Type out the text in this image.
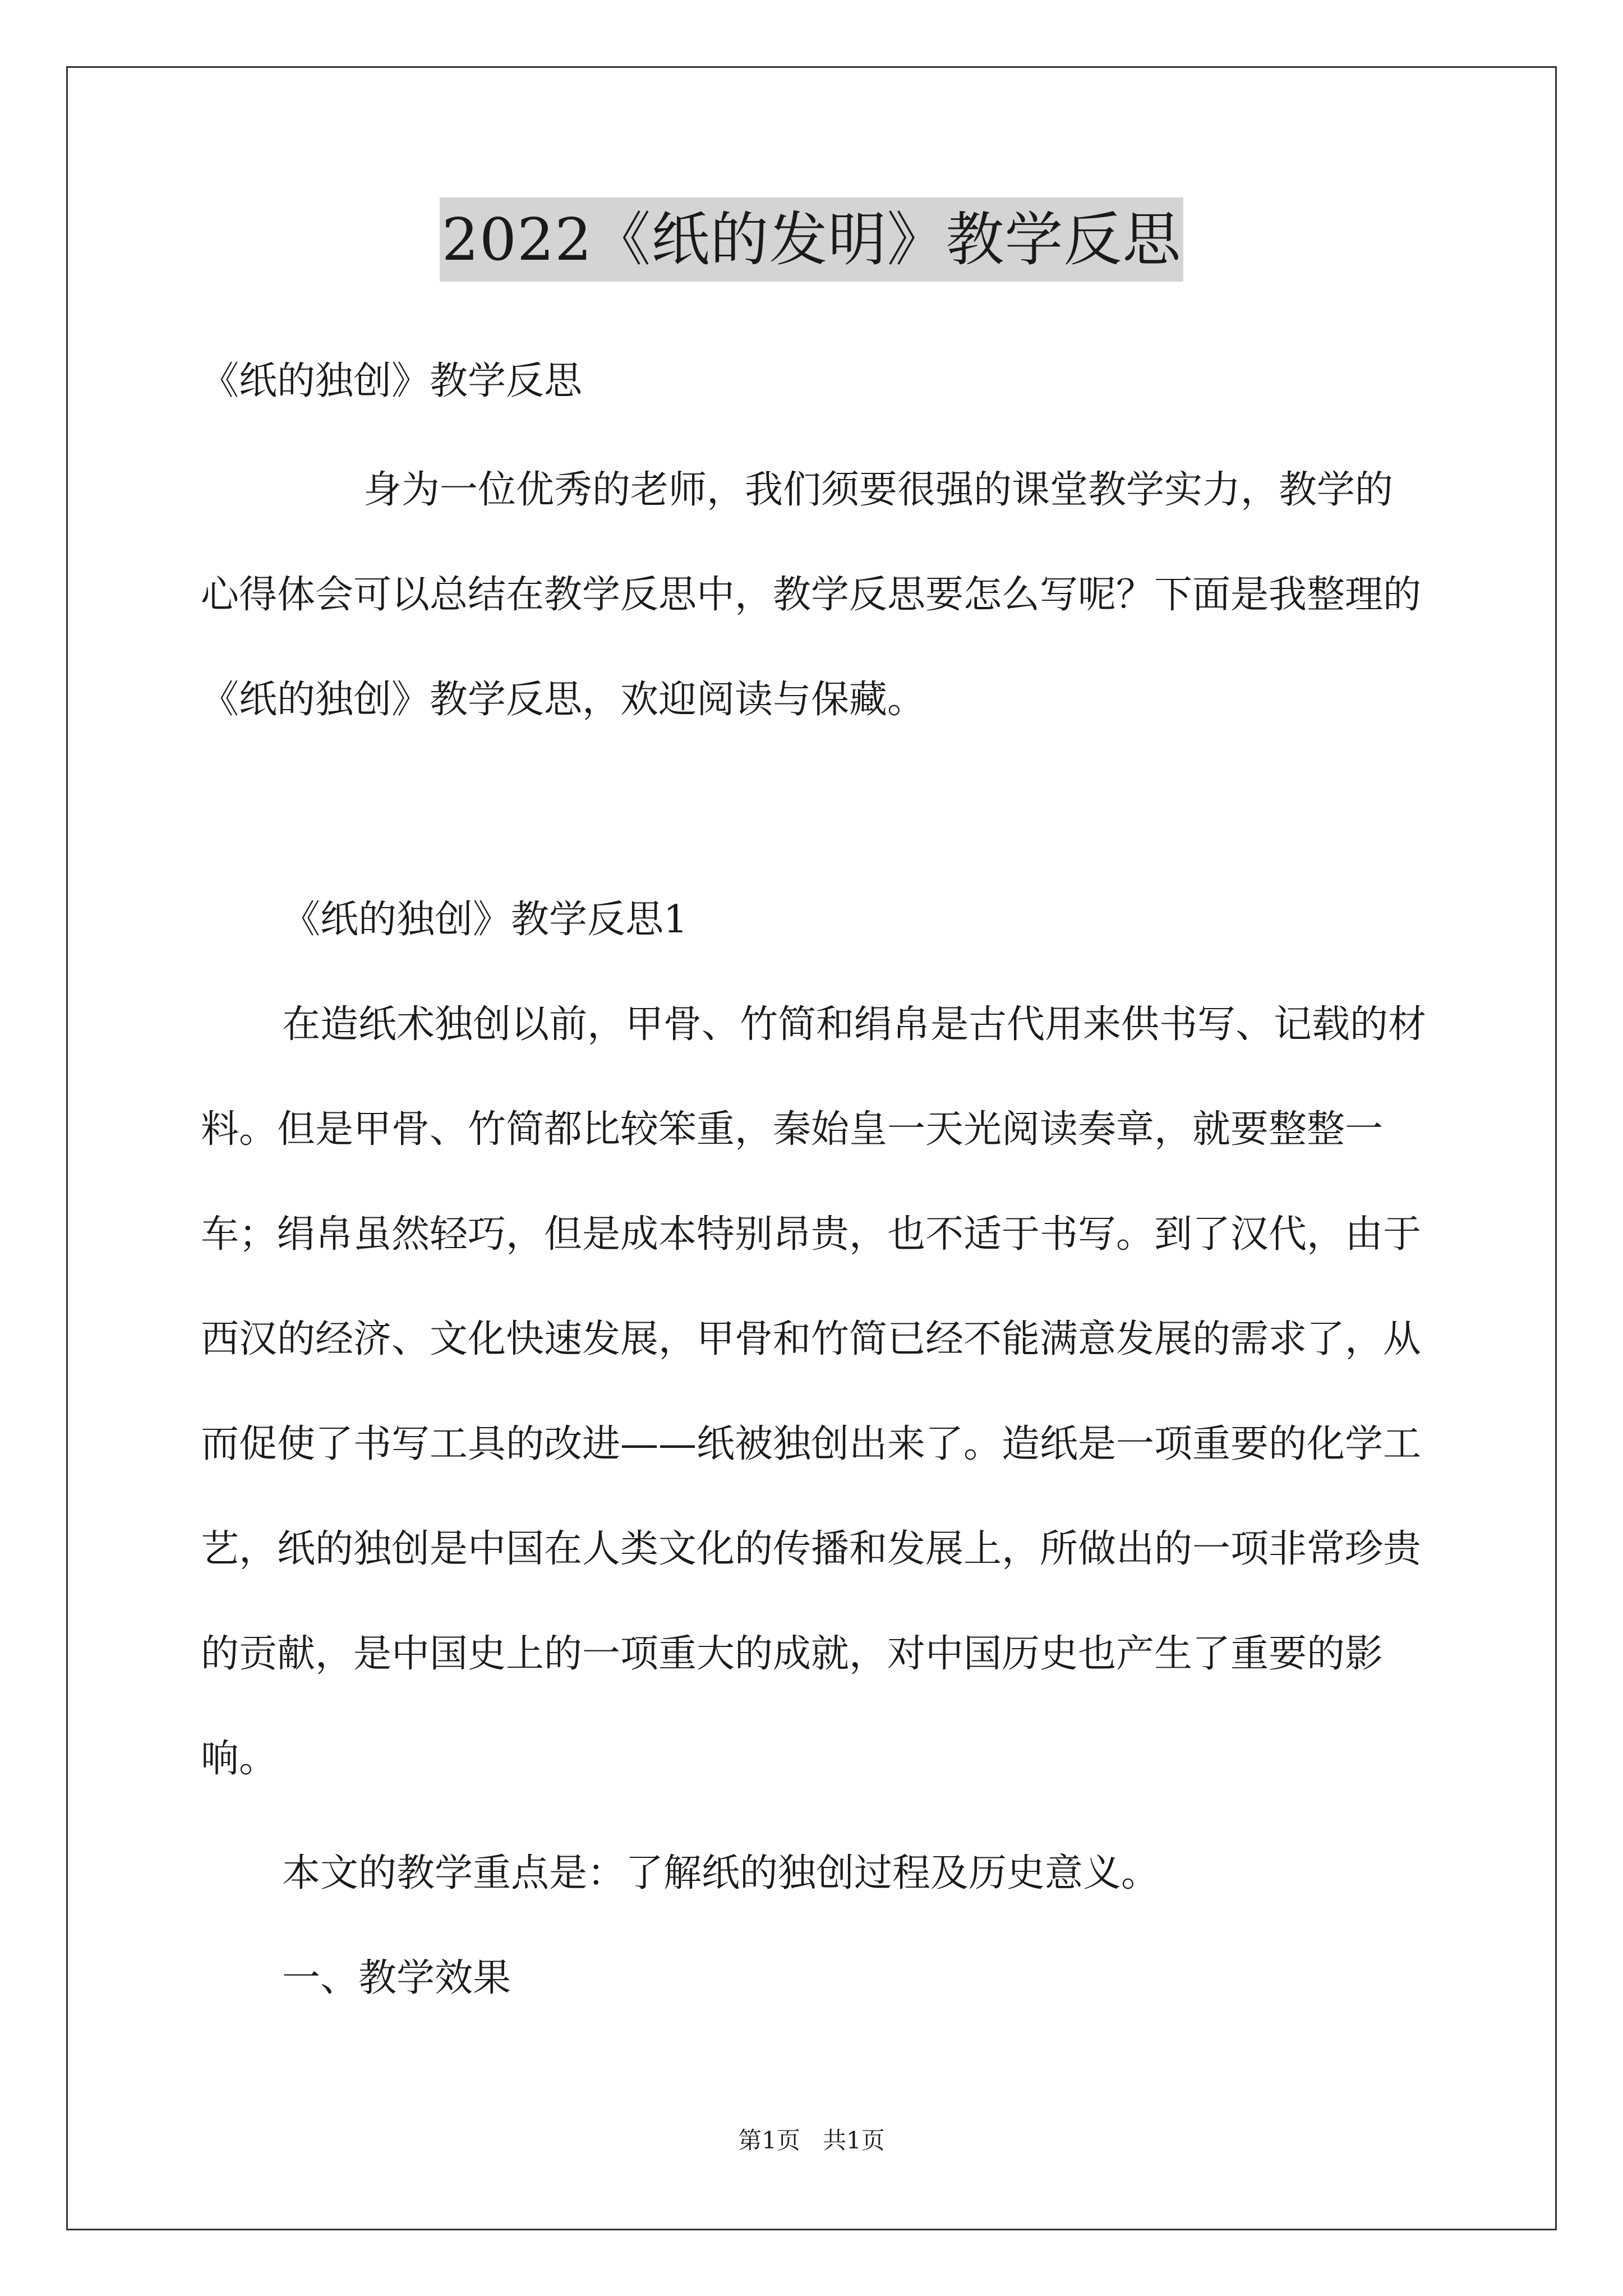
2022《纸的发明》教学反思

《纸的独创》教学反思

身为一位优秀的老师，我们须要很强的课堂教学实力，教学的心得体会可以总结在教学反思中，教学反思要怎么写呢？下面是我整理的《纸的独创》教学反思，欢迎阅读与保藏。

《纸的独创》教学反思1

在造纸术独创以前，甲骨、竹简和绢帛是古代用来供书写、记载的材料。但是甲骨、竹简都比较笨重，秦始皇一天光阅读奏章，就要整整一车；绢帛虽然轻巧，但是成本特别昂贵，也不适于书写。到了汉代，由于西汉的经济、文化快速发展，甲骨和竹简已经不能满意发展的需求了，从而促使了书写工具的改进——纸被独创出来了。造纸是一项重要的化学工艺，纸的独创是中国在人类文化的传播和发展上，所做出的一项非常珍贵的贡献，是中国史上的一项重大的成就，对中国历史也产生了重要的影响。

本文的教学重点是：了解纸的独创过程及历史意义。

一、教学效果

第1页   共1页
